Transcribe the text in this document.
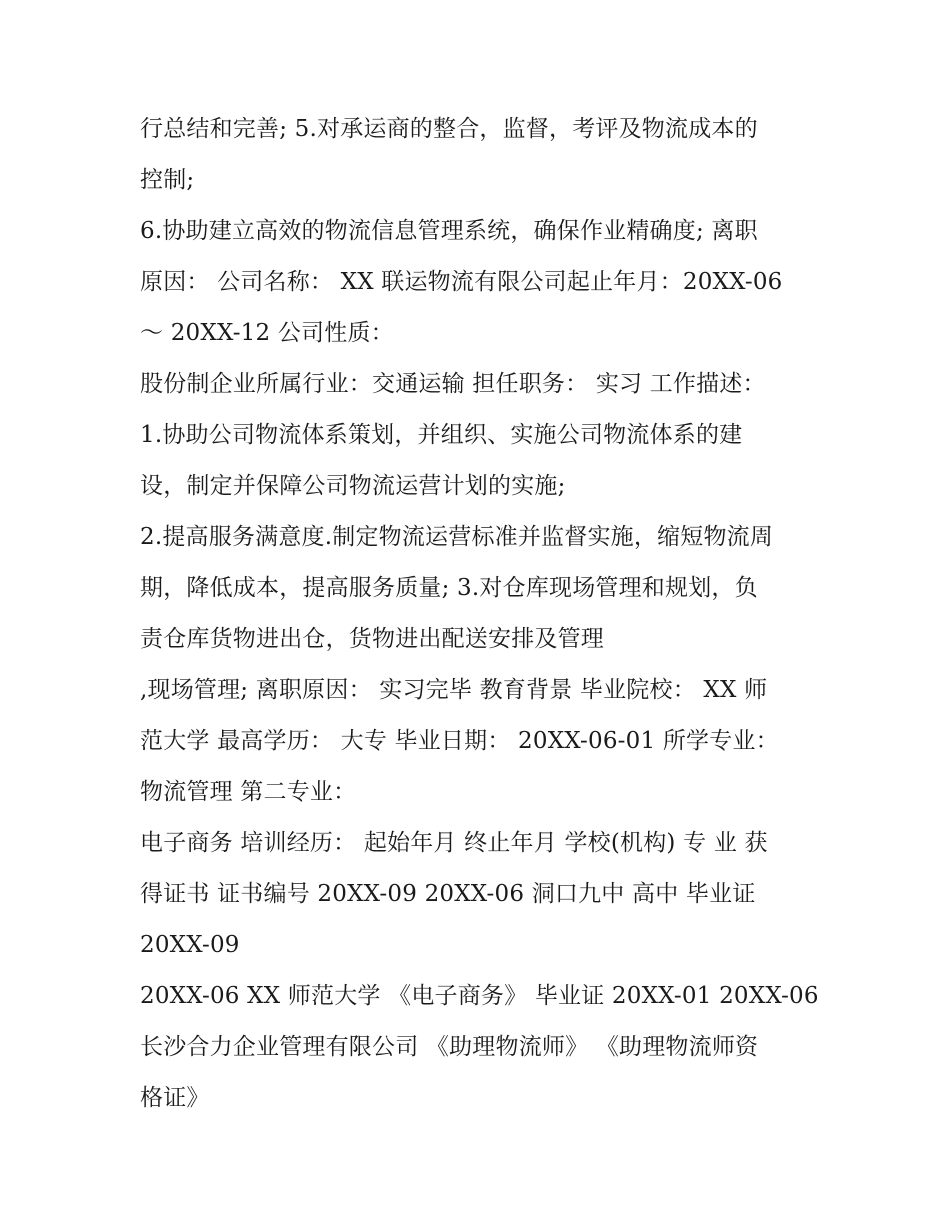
行总结和完善; 5.对承运商的整合，监督，考评及物流成本的
控制;
6.协助建立高效的物流信息管理系统，确保作业精确度; 离职
原因： 公司名称： XX 联运物流有限公司起止年月：20XX-06
～ 20XX-12 公司性质：
股份制企业所属行业：交通运输 担任职务： 实习 工作描述：
1.协助公司物流体系策划，并组织、实施公司物流体系的建
设，制定并保障公司物流运营计划的实施;
2.提高服务满意度.制定物流运营标准并监督实施，缩短物流周
期，降低成本，提高服务质量; 3.对仓库现场管理和规划，负
责仓库货物进出仓，货物进出配送安排及管理
,现场管理; 离职原因： 实习完毕 教育背景 毕业院校： XX 师
范大学 最高学历： 大专 毕业日期： 20XX-06-01 所学专业：
物流管理 第二专业：
电子商务 培训经历： 起始年月 终止年月 学校(机构) 专 业 获
得证书 证书编号 20XX-09 20XX-06 洞口九中 高中 毕业证
20XX-09
20XX-06 XX 师范大学 《电子商务》 毕业证 20XX-01 20XX-06
长沙合力企业管理有限公司 《助理物流师》 《助理物流师资
格证》
